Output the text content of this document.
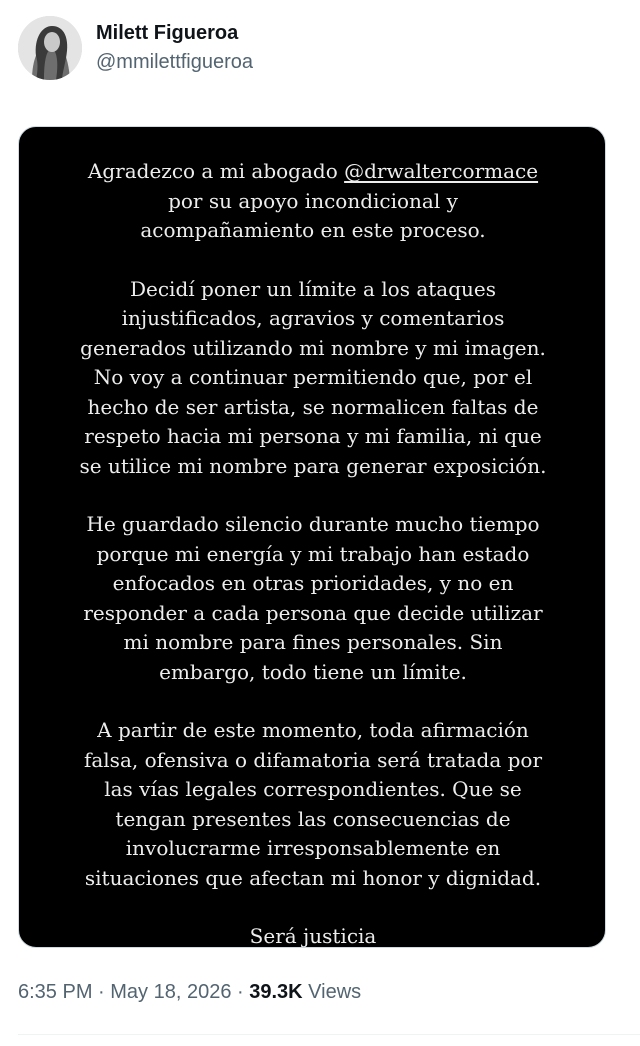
Milett Figueroa
@mmilettfigueroa

Agradezco a mi abogado @drwaltercormace
por su apoyo incondicional y
acompañamiento en este proceso.

Decidí poner un límite a los ataques
injustificados, agravios y comentarios
generados utilizando mi nombre y mi imagen.
No voy a continuar permitiendo que, por el
hecho de ser artista, se normalicen faltas de
respeto hacia mi persona y mi familia, ni que
se utilice mi nombre para generar exposición.

He guardado silencio durante mucho tiempo
porque mi energía y mi trabajo han estado
enfocados en otras prioridades, y no en
responder a cada persona que decide utilizar
mi nombre para fines personales. Sin
embargo, todo tiene un límite.

A partir de este momento, toda afirmación
falsa, ofensiva o difamatoria será tratada por
las vías legales correspondientes. Que se
tengan presentes las consecuencias de
involucrarme irresponsablemente en
situaciones que afectan mi honor y dignidad.

Será justicia

6:35 PM · May 18, 2026 · 39.3K Views
